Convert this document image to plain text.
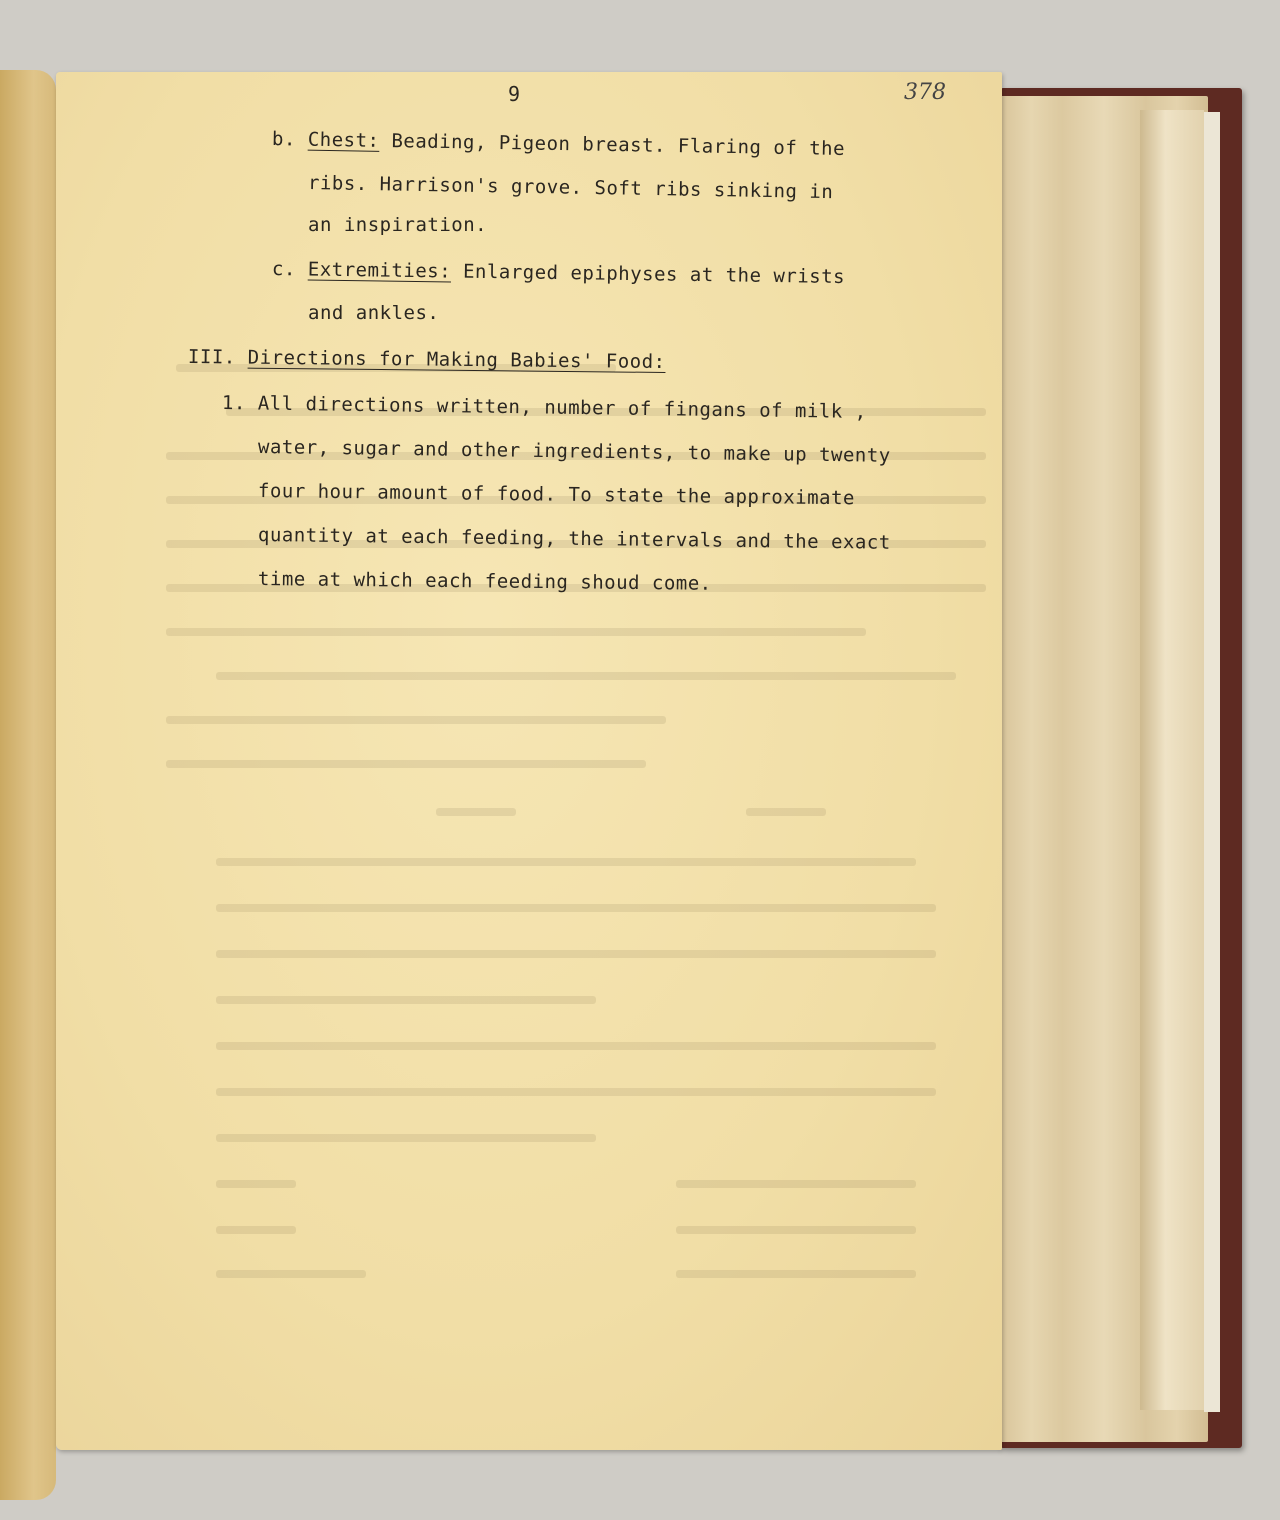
9	378
b. Chest: Beading, Pigeon breast. Flaring of the
ribs. Harrison's grove. Soft ribs sinking in
an inspiration.
c. Extremities: Enlarged epiphyses at the wrists
and ankles.
III. Directions for Making Babies' Food:
1. All directions written, number of fingans of milk ,
water, sugar and other ingredients, to make up twenty
four hour amount of food. To state the approximate
quantity at each feeding, the intervals and the exact
time at which each feeding shoud come.
